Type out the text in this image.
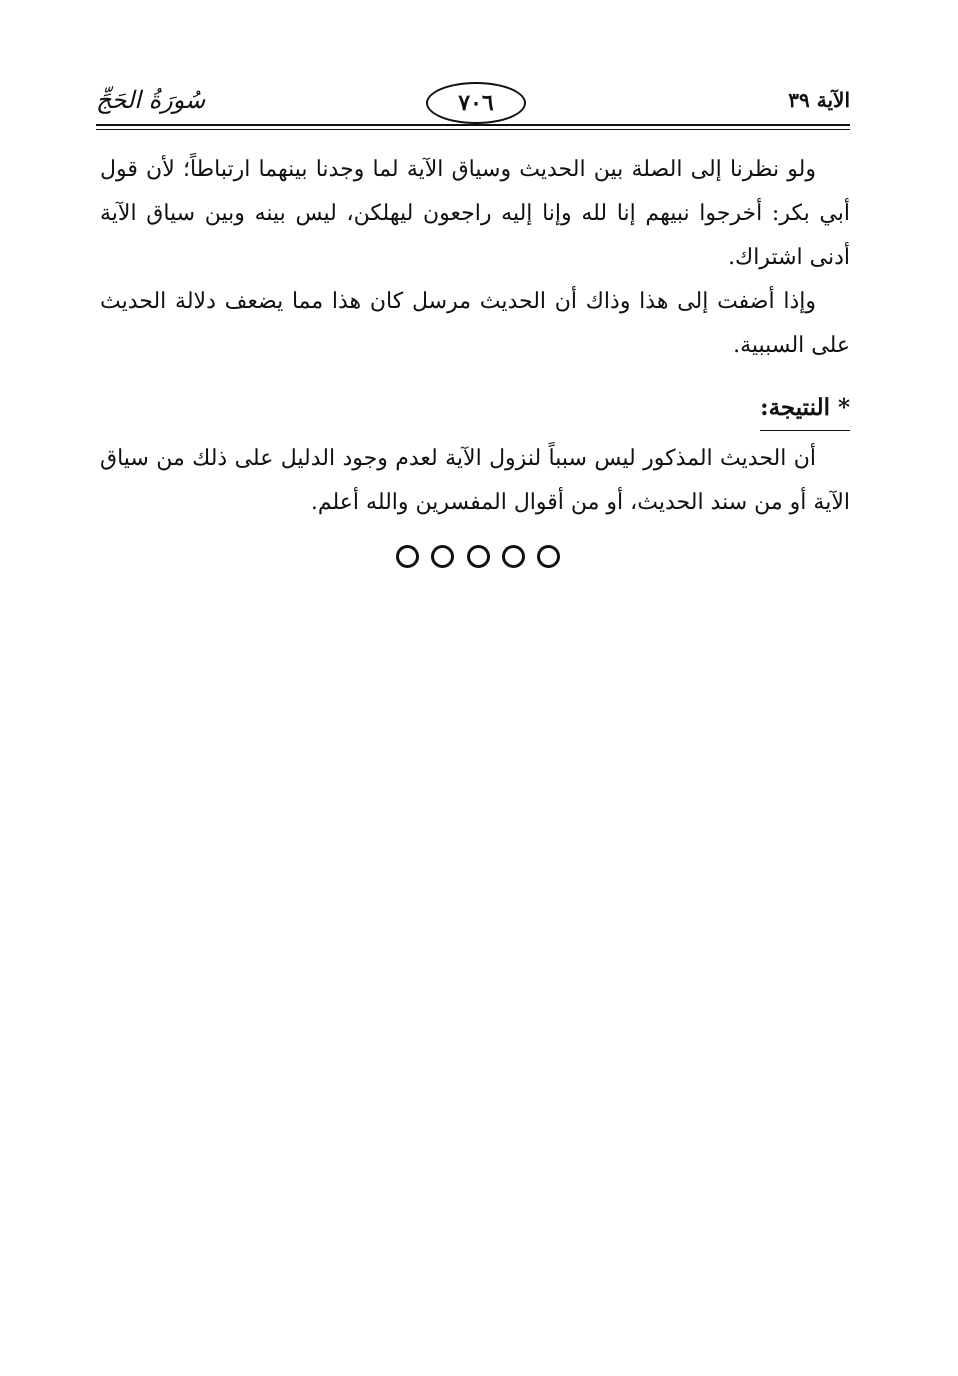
سُورَةُ الحَجِّ	٧٠٦	الآية ٣٩

ولو نظرنا إلى الصلة بين الحديث وسياق الآية لما وجدنا بينهما ارتباطاً؛ لأن قول أبي بكر: أخرجوا نبيهم إنا لله وإنا إليه راجعون ليهلكن، ليس بينه وبين سياق الآية أدنى اشتراك.

وإذا أضفت إلى هذا وذاك أن الحديث مرسل كان هذا مما يضعف دلالة الحديث على السببية.

*النتيجة:

أن الحديث المذكور ليس سبباً لنزول الآية لعدم وجود الدليل على ذلك من سياق الآية أو من سند الحديث، أو من أقوال المفسرين والله أعلم.
